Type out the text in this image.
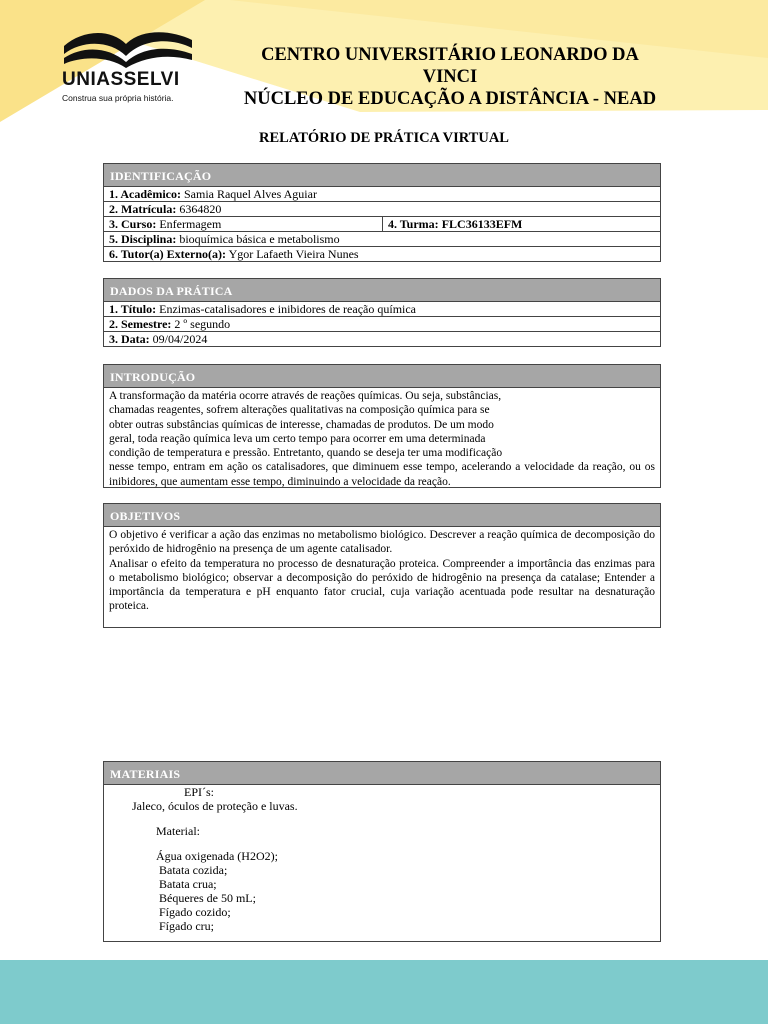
UNIASSELVI
Construa sua própria história.
CENTRO UNIVERSITÁRIO LEONARDO DA
VINCI
NÚCLEO DE EDUCAÇÃO A DISTÂNCIA - NEAD
RELATÓRIO DE PRÁTICA VIRTUAL
IDENTIFICAÇÃO
1. Acadêmico: Samia Raquel Alves Aguiar
2. Matrícula: 6364820
3. Curso: Enfermagem	4. Turma: FLC36133EFM
5. Disciplina: bioquímica básica e metabolismo
6. Tutor(a) Externo(a): Ygor Lafaeth Vieira Nunes
DADOS DA PRÁTICA
1. Título: Enzimas-catalisadores e inibidores de reação química
2. Semestre: 2 º segundo
3. Data: 09/04/2024
INTRODUÇÃO
A transformação da matéria ocorre através de reações químicas. Ou seja, substâncias,
chamadas reagentes, sofrem alterações qualitativas na composição química para se
obter outras substâncias químicas de interesse, chamadas de produtos. De um modo
geral, toda reação química leva um certo tempo para ocorrer em uma determinada
condição de temperatura e pressão. Entretanto, quando se deseja ter uma modificação
nesse tempo, entram em ação os catalisadores, que diminuem esse tempo, acelerando a velocidade da reação, ou os inibidores, que aumentam esse tempo, diminuindo a velocidade da reação.
OBJETIVOS
O objetivo é verificar a ação das enzimas no metabolismo biológico. Descrever a reação química de decomposição do peróxido de hidrogênio na presença de um agente catalisador.
Analisar o efeito da temperatura no processo de desnaturação proteica. Compreender a importância das enzimas para o metabolismo biológico; observar a decomposição do peróxido de hidrogênio na presença da catalase; Entender a importância da temperatura e pH enquanto fator crucial, cuja variação acentuada pode resultar na desnaturação proteica.
MATERIAIS
EPI´s:
Jaleco, óculos de proteção e luvas.
Material:
Água oxigenada (H2O2);
Batata cozida;
Batata crua;
Béqueres de 50 mL;
Fígado cozido;
Fígado cru;
